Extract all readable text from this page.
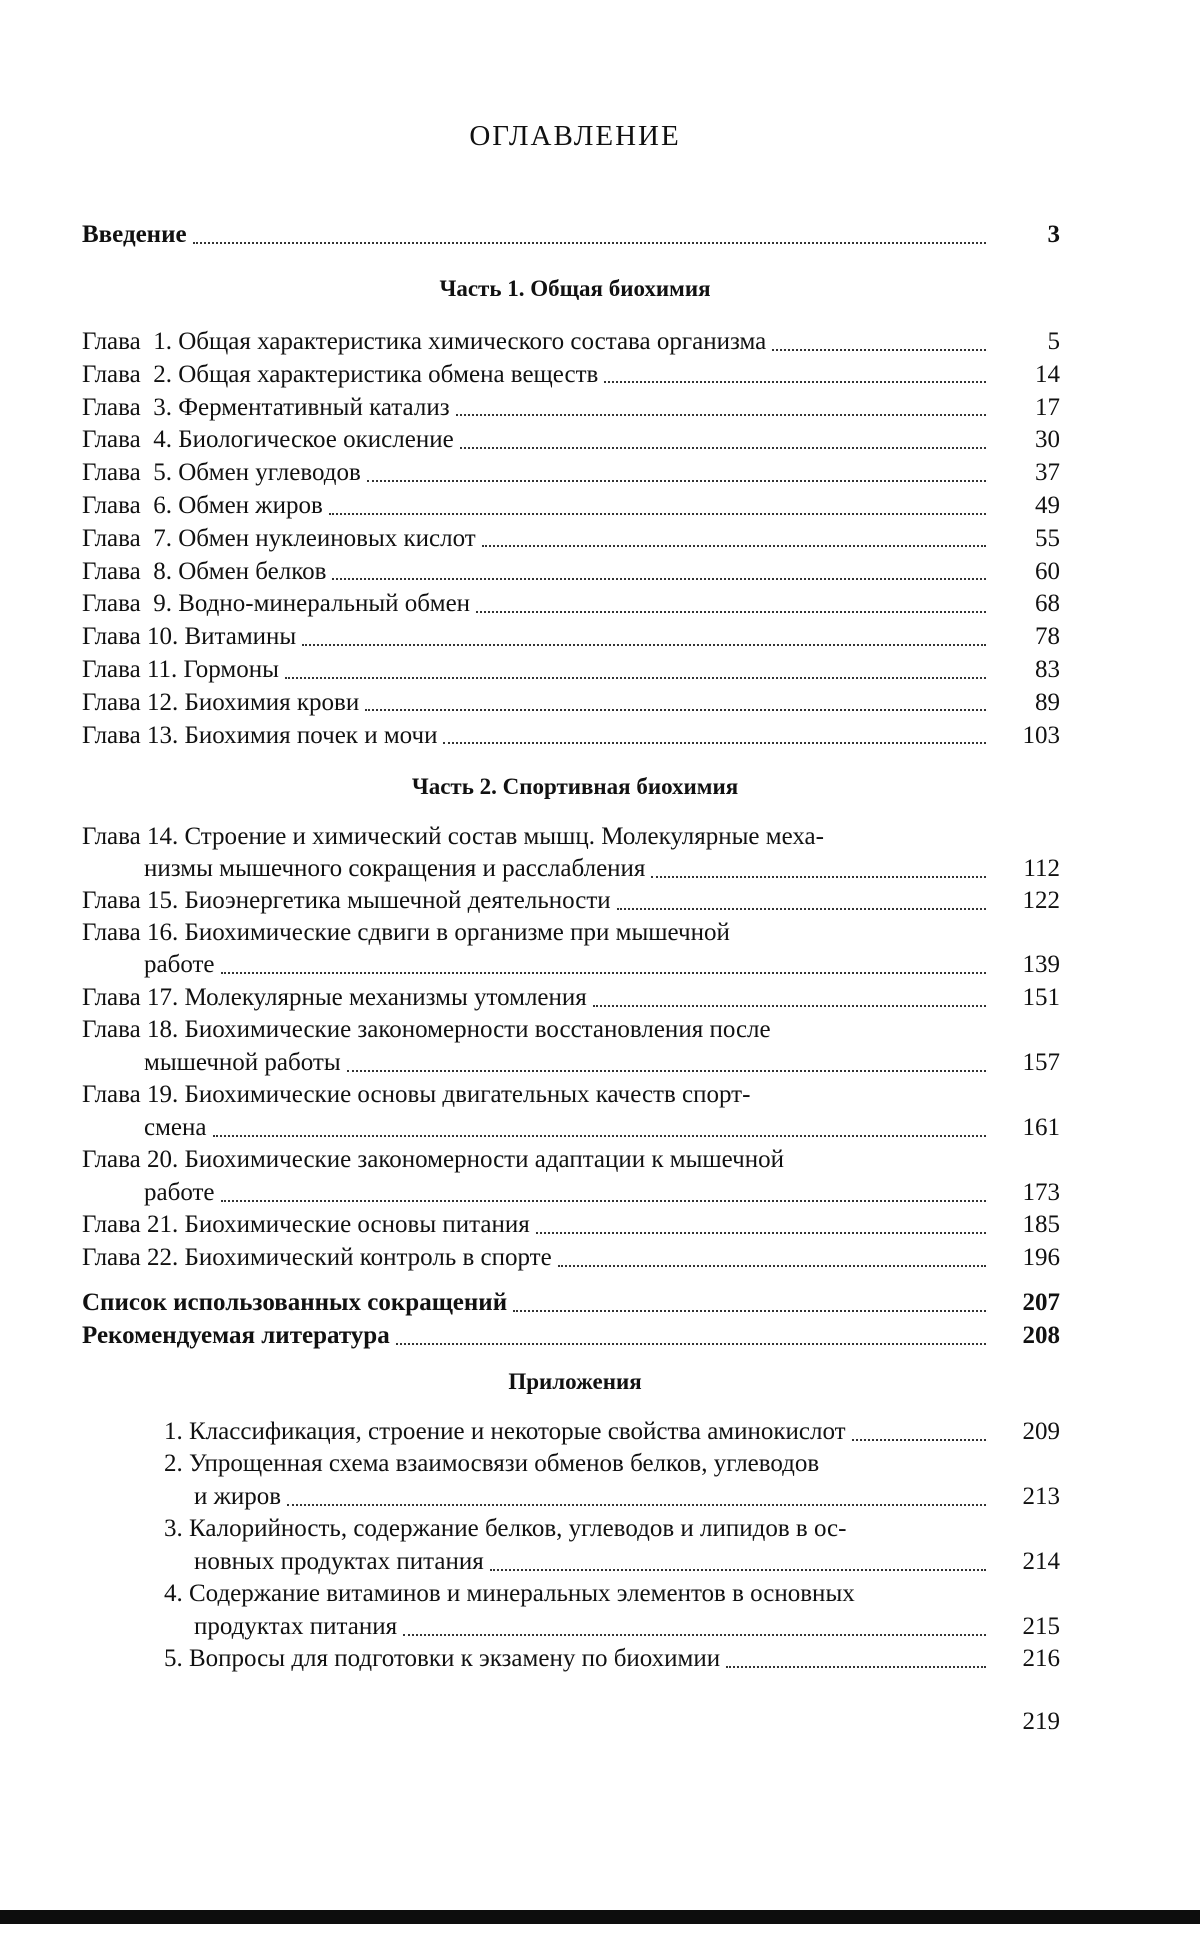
ОГЛАВЛЕНИЕ
Введение	3
Часть 1. Общая биохимия
Глава  1. Общая характеристика химического состава организма	5
Глава  2. Общая характеристика обмена веществ	14
Глава  3. Ферментативный катализ	17
Глава  4. Биологическое окисление	30
Глава  5. Обмен углеводов	37
Глава  6. Обмен жиров	49
Глава  7. Обмен нуклеиновых кислот	55
Глава  8. Обмен белков	60
Глава  9. Водно-минеральный обмен	68
Глава 10. Витамины	78
Глава 11. Гормоны	83
Глава 12. Биохимия крови	89
Глава 13. Биохимия почек и мочи	103
Часть 2. Спортивная биохимия
Глава 14. Строение и химический состав мышц. Молекулярные меха-
низмы мышечного сокращения и расслабления	112
Глава 15. Биоэнергетика мышечной деятельности	122
Глава 16. Биохимические сдвиги в организме при мышечной
работе	139
Глава 17. Молекулярные механизмы утомления	151
Глава 18. Биохимические закономерности восстановления после
мышечной работы	157
Глава 19. Биохимические основы двигательных качеств спорт-
смена	161
Глава 20. Биохимические закономерности адаптации к мышечной
работе	173
Глава 21. Биохимические основы питания	185
Глава 22. Биохимический контроль в спорте	196
Список использованных сокращений	207
Рекомендуемая литература	208
Приложения
1. Классификация, строение и некоторые свойства аминокислот	209
2. Упрощенная схема взаимосвязи обменов белков, углеводов
и жиров	213
3. Калорийность, содержание белков, углеводов и липидов в ос-
новных продуктах питания	214
4. Содержание витаминов и минеральных элементов в основных
продуктах питания	215
5. Вопросы для подготовки к экзамену по биохимии	216
219
